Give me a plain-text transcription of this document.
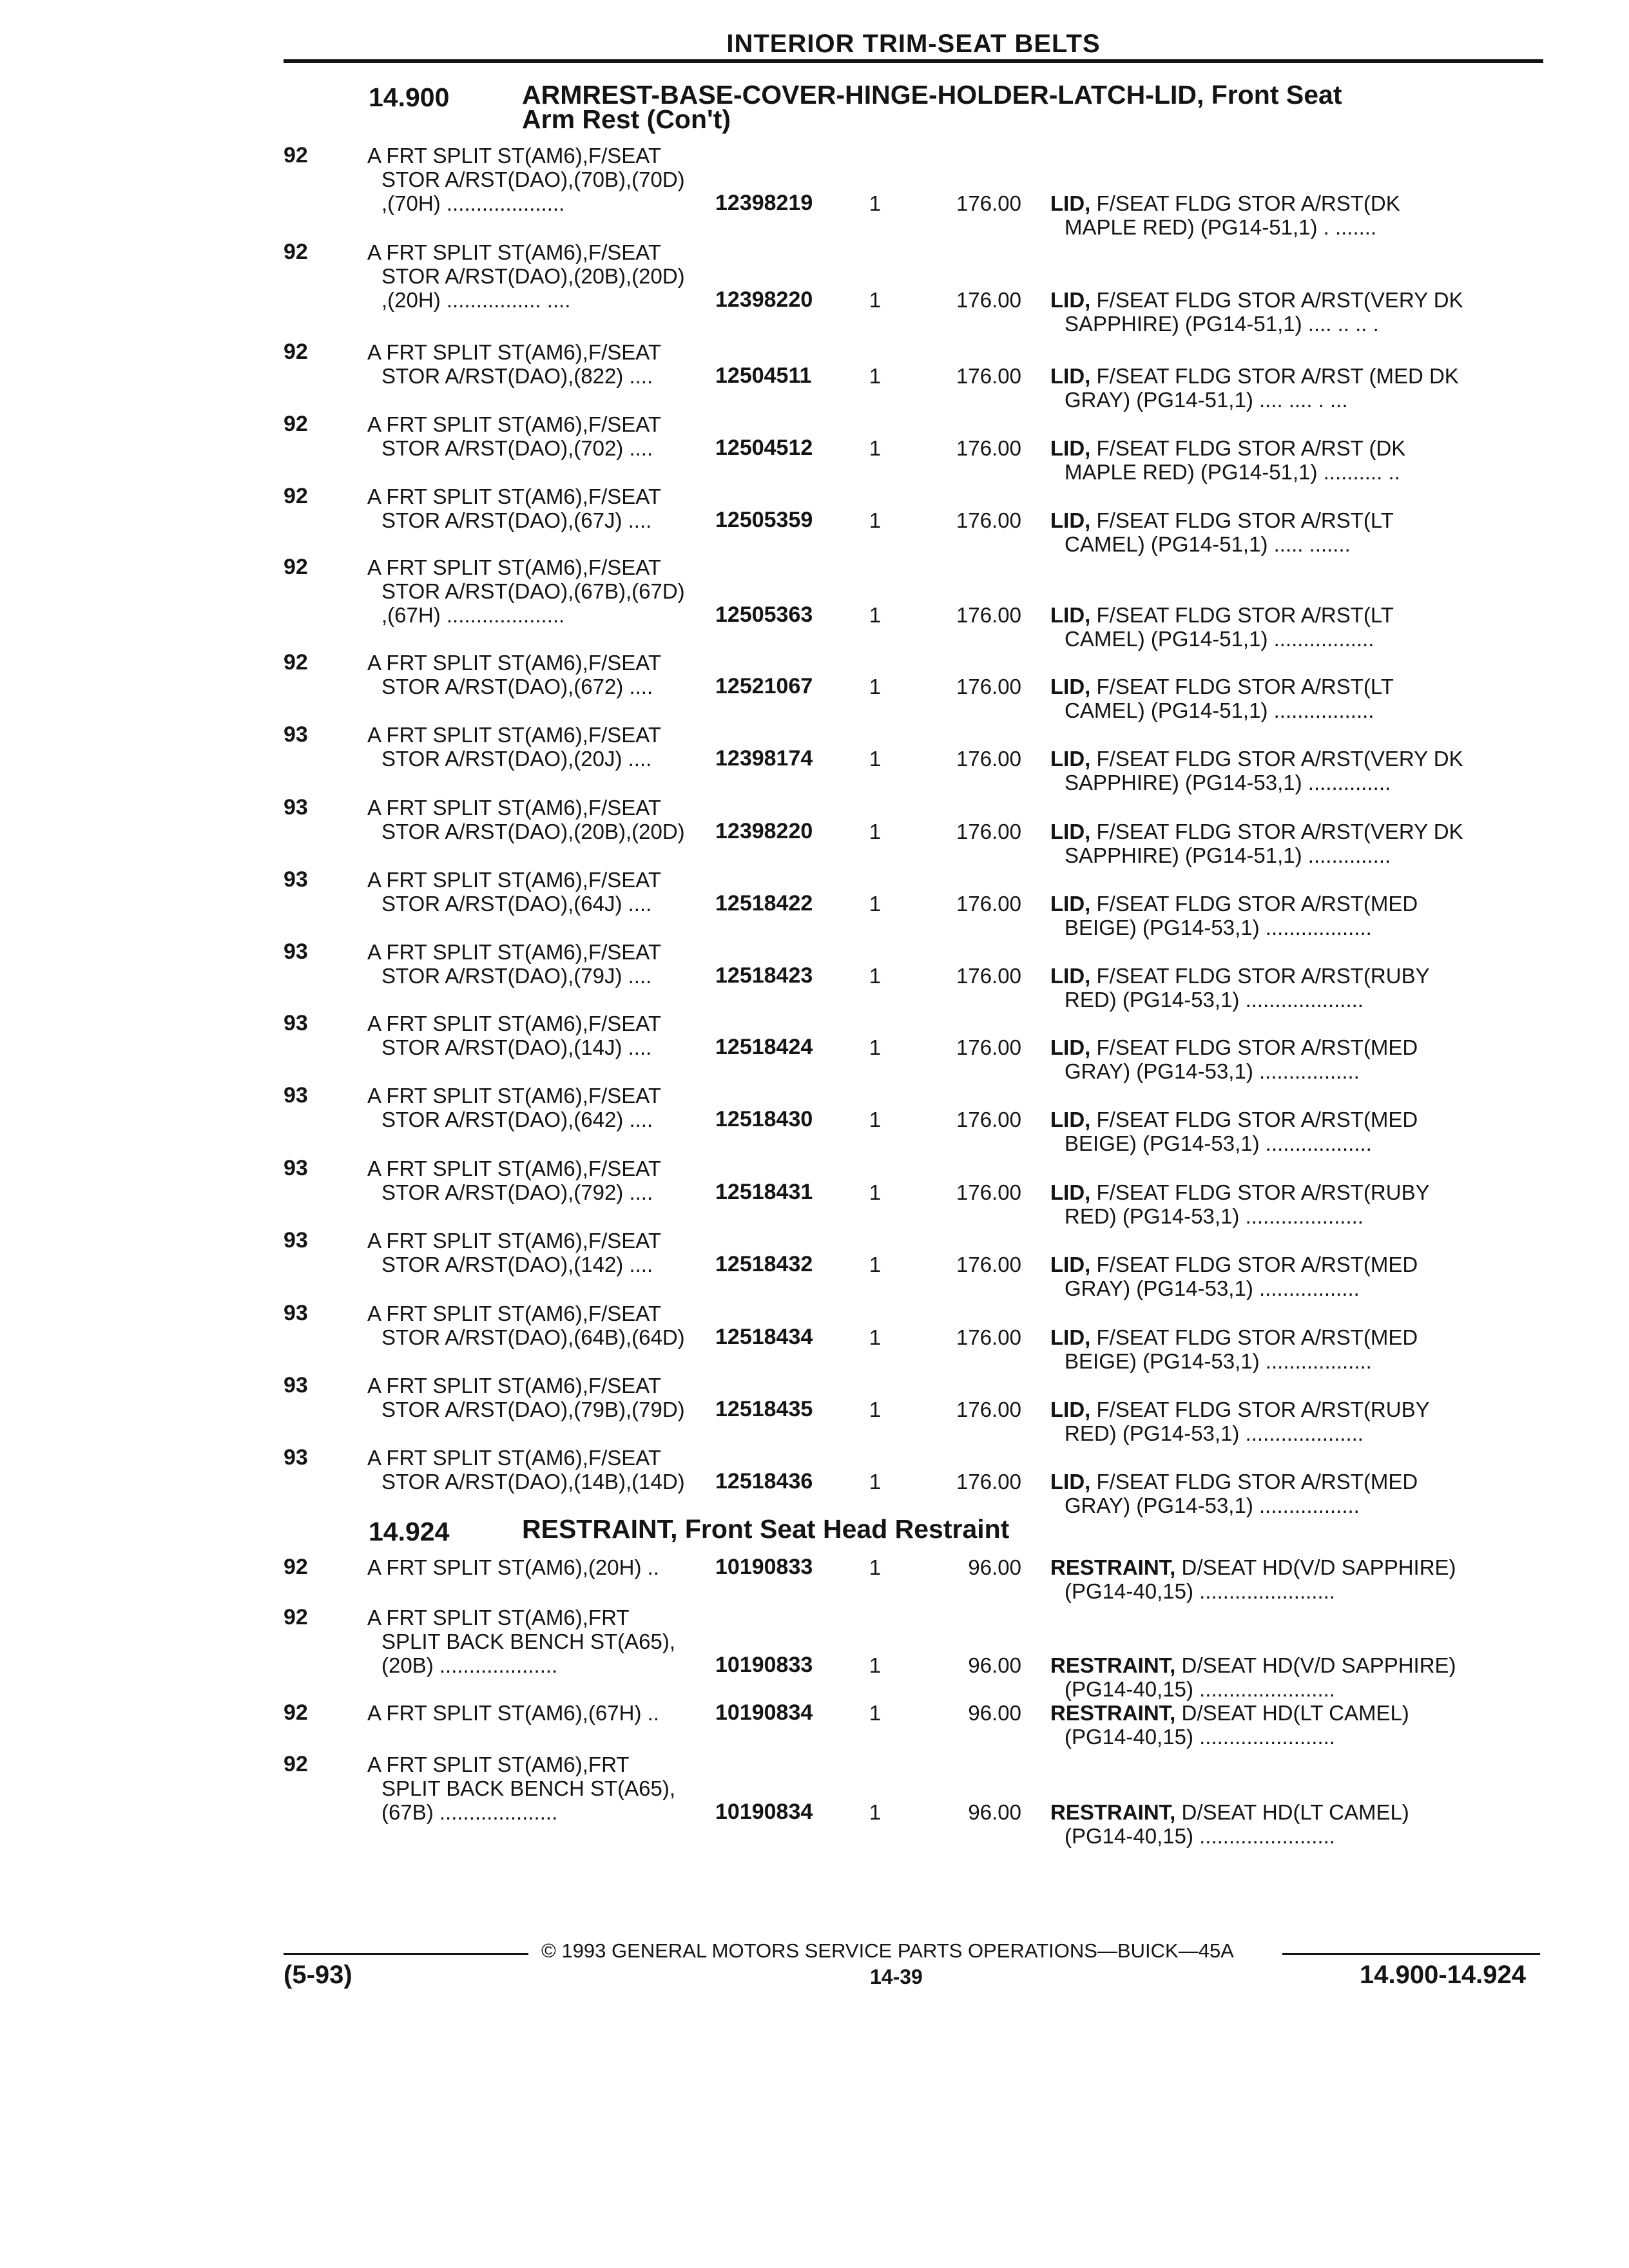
INTERIOR TRIM-SEAT BELTS
14.900	ARMREST-BASE-COVER-HINGE-HOLDER-LATCH-LID, Front Seat
Arm Rest (Con't)
92	A FRT SPLIT ST(AM6),F/SEAT
STOR A/RST(DAO),(70B),(70D)
,(70H) ....................	12398219	1	176.00 LID, F/SEAT FLDG STOR A/RST(DK
MAPLE RED) (PG14-51,1) . .......
92	A FRT SPLIT ST(AM6),F/SEAT
STOR A/RST(DAO),(20B),(20D)
,(20H) ................ ....	12398220	1	176.00 LID, F/SEAT FLDG STOR A/RST(VERY DK
SAPPHIRE) (PG14-51,1) .... .. .. .
92	A FRT SPLIT ST(AM6),F/SEAT
STOR A/RST(DAO),(822) ....	12504511	1	176.00 LID, F/SEAT FLDG STOR A/RST (MED DK
GRAY) (PG14-51,1) .... .... . ...
92	A FRT SPLIT ST(AM6),F/SEAT
STOR A/RST(DAO),(702) ....	12504512	1	176.00 LID, F/SEAT FLDG STOR A/RST (DK
MAPLE RED) (PG14-51,1) .......... ..
92	A FRT SPLIT ST(AM6),F/SEAT
STOR A/RST(DAO),(67J) ....	12505359	1	176.00 LID, F/SEAT FLDG STOR A/RST(LT
CAMEL) (PG14-51,1) ..... .......
92	A FRT SPLIT ST(AM6),F/SEAT
STOR A/RST(DAO),(67B),(67D)
,(67H) ....................	12505363	1	176.00 LID, F/SEAT FLDG STOR A/RST(LT
CAMEL) (PG14-51,1) .................
92	A FRT SPLIT ST(AM6),F/SEAT
STOR A/RST(DAO),(672) ....	12521067	1	176.00 LID, F/SEAT FLDG STOR A/RST(LT
CAMEL) (PG14-51,1) .................
93	A FRT SPLIT ST(AM6),F/SEAT
STOR A/RST(DAO),(20J) ....	12398174	1	176.00 LID, F/SEAT FLDG STOR A/RST(VERY DK
SAPPHIRE) (PG14-53,1) ..............
93	A FRT SPLIT ST(AM6),F/SEAT
STOR A/RST(DAO),(20B),(20D)	12398220	1	176.00 LID, F/SEAT FLDG STOR A/RST(VERY DK
SAPPHIRE) (PG14-51,1) ..............
93	A FRT SPLIT ST(AM6),F/SEAT
STOR A/RST(DAO),(64J) ....	12518422	1	176.00 LID, F/SEAT FLDG STOR A/RST(MED
BEIGE) (PG14-53,1) ..................
93	A FRT SPLIT ST(AM6),F/SEAT
STOR A/RST(DAO),(79J) ....	12518423	1	176.00 LID, F/SEAT FLDG STOR A/RST(RUBY
RED) (PG14-53,1) ....................
93	A FRT SPLIT ST(AM6),F/SEAT
STOR A/RST(DAO),(14J) ....	12518424	1	176.00 LID, F/SEAT FLDG STOR A/RST(MED
GRAY) (PG14-53,1) .................
93	A FRT SPLIT ST(AM6),F/SEAT
STOR A/RST(DAO),(642) ....	12518430	1	176.00 LID, F/SEAT FLDG STOR A/RST(MED
BEIGE) (PG14-53,1) ..................
93	A FRT SPLIT ST(AM6),F/SEAT
STOR A/RST(DAO),(792) ....	12518431	1	176.00 LID, F/SEAT FLDG STOR A/RST(RUBY
RED) (PG14-53,1) ....................
93	A FRT SPLIT ST(AM6),F/SEAT
STOR A/RST(DAO),(142) ....	12518432	1	176.00 LID, F/SEAT FLDG STOR A/RST(MED
GRAY) (PG14-53,1) .................
93	A FRT SPLIT ST(AM6),F/SEAT
STOR A/RST(DAO),(64B),(64D)	12518434	1	176.00 LID, F/SEAT FLDG STOR A/RST(MED
BEIGE) (PG14-53,1) ..................
93	A FRT SPLIT ST(AM6),F/SEAT
STOR A/RST(DAO),(79B),(79D)	12518435	1	176.00 LID, F/SEAT FLDG STOR A/RST(RUBY
RED) (PG14-53,1) ....................
93	A FRT SPLIT ST(AM6),F/SEAT
STOR A/RST(DAO),(14B),(14D)	12518436	1	176.00 LID, F/SEAT FLDG STOR A/RST(MED
GRAY) (PG14-53,1) .................
14.924	RESTRAINT, Front Seat Head Restraint
92	A FRT SPLIT ST(AM6),(20H) ..	10190833	1	96.00 RESTRAINT, D/SEAT HD(V/D SAPPHIRE)
(PG14-40,15) .......................
92	A FRT SPLIT ST(AM6),FRT
SPLIT BACK BENCH ST(A65),
(20B) ....................	10190833	1	96.00 RESTRAINT, D/SEAT HD(V/D SAPPHIRE)
(PG14-40,15) .......................
92	A FRT SPLIT ST(AM6),(67H) ..	10190834	1	96.00 RESTRAINT, D/SEAT HD(LT CAMEL)
(PG14-40,15) .......................
92	A FRT SPLIT ST(AM6),FRT
SPLIT BACK BENCH ST(A65),
(67B) ....................	10190834	1	96.00 RESTRAINT, D/SEAT HD(LT CAMEL)
(PG14-40,15) .......................
© 1993 GENERAL MOTORS SERVICE PARTS OPERATIONS—BUICK—45A
(5-93)	14-39	14.900-14.924
